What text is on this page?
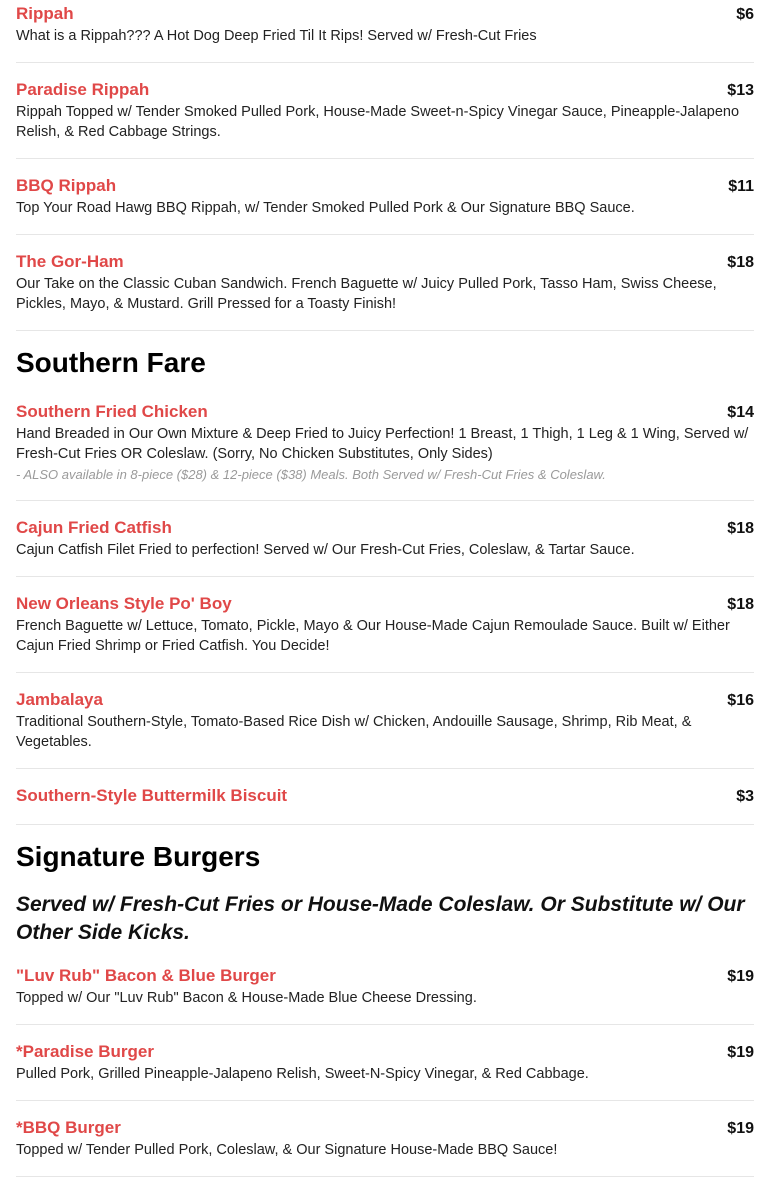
Rippah	$6
What is a Rippah??? A Hot Dog Deep Fried Til It Rips! Served w/ Fresh-Cut Fries
Paradise Rippah	$13
Rippah Topped w/ Tender Smoked Pulled Pork, House-Made Sweet-n-Spicy Vinegar Sauce, Pineapple-Jalapeno Relish, & Red Cabbage Strings.
BBQ Rippah	$11
Top Your Road Hawg BBQ Rippah, w/ Tender Smoked Pulled Pork & Our Signature BBQ Sauce.
The Gor-Ham	$18
Our Take on the Classic Cuban Sandwich. French Baguette w/ Juicy Pulled Pork, Tasso Ham, Swiss Cheese, Pickles, Mayo, & Mustard. Grill Pressed for a Toasty Finish!
Southern Fare
Southern Fried Chicken	$14
Hand Breaded in Our Own Mixture & Deep Fried to Juicy Perfection! 1 Breast, 1 Thigh, 1 Leg & 1 Wing, Served w/ Fresh-Cut Fries OR Coleslaw. (Sorry, No Chicken Substitutes, Only Sides)
- ALSO available in 8-piece ($28) & 12-piece ($38) Meals. Both Served w/ Fresh-Cut Fries & Coleslaw.
Cajun Fried Catfish	$18
Cajun Catfish Filet Fried to perfection! Served w/ Our Fresh-Cut Fries, Coleslaw, & Tartar Sauce.
New Orleans Style Po' Boy	$18
French Baguette w/ Lettuce, Tomato, Pickle, Mayo & Our House-Made Cajun Remoulade Sauce. Built w/ Either Cajun Fried Shrimp or Fried Catfish. You Decide!
Jambalaya	$16
Traditional Southern-Style, Tomato-Based Rice Dish w/ Chicken, Andouille Sausage, Shrimp, Rib Meat, & Vegetables.
Southern-Style Buttermilk Biscuit	$3
Signature Burgers
Served w/ Fresh-Cut Fries or House-Made Coleslaw. Or Substitute w/ Our Other Side Kicks.
"Luv Rub" Bacon & Blue Burger	$19
Topped w/ Our "Luv Rub" Bacon & House-Made Blue Cheese Dressing.
*Paradise Burger	$19
Pulled Pork, Grilled Pineapple-Jalapeno Relish, Sweet-N-Spicy Vinegar, & Red Cabbage.
*BBQ Burger	$19
Topped w/ Tender Pulled Pork, Coleslaw, & Our Signature House-Made BBQ Sauce!
